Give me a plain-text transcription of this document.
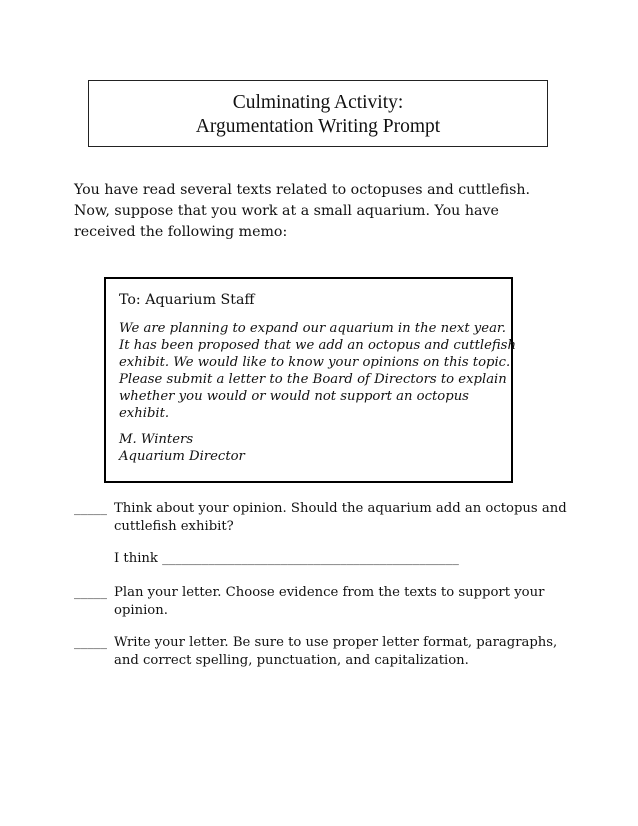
Culminating Activity:
Argumentation Writing Prompt
You have read several texts related to octopuses and cuttlefish.
Now, suppose that you work at a small aquarium. You have
received the following memo:
To: Aquarium Staff
We are planning to expand our aquarium in the next year.
It has been proposed that we add an octopus and cuttlefish
exhibit. We would like to know your opinions on this topic.
Please submit a letter to the Board of Directors to explain
whether you would or would not support an octopus
exhibit.
M. Winters
Aquarium Director
_____ Think about your opinion. Should the aquarium add an octopus and
cuttlefish exhibit?
I think _____________________________________________
_____ Plan your letter. Choose evidence from the texts to support your
opinion.
_____ Write your letter. Be sure to use proper letter format, paragraphs,
and correct spelling, punctuation, and capitalization.
